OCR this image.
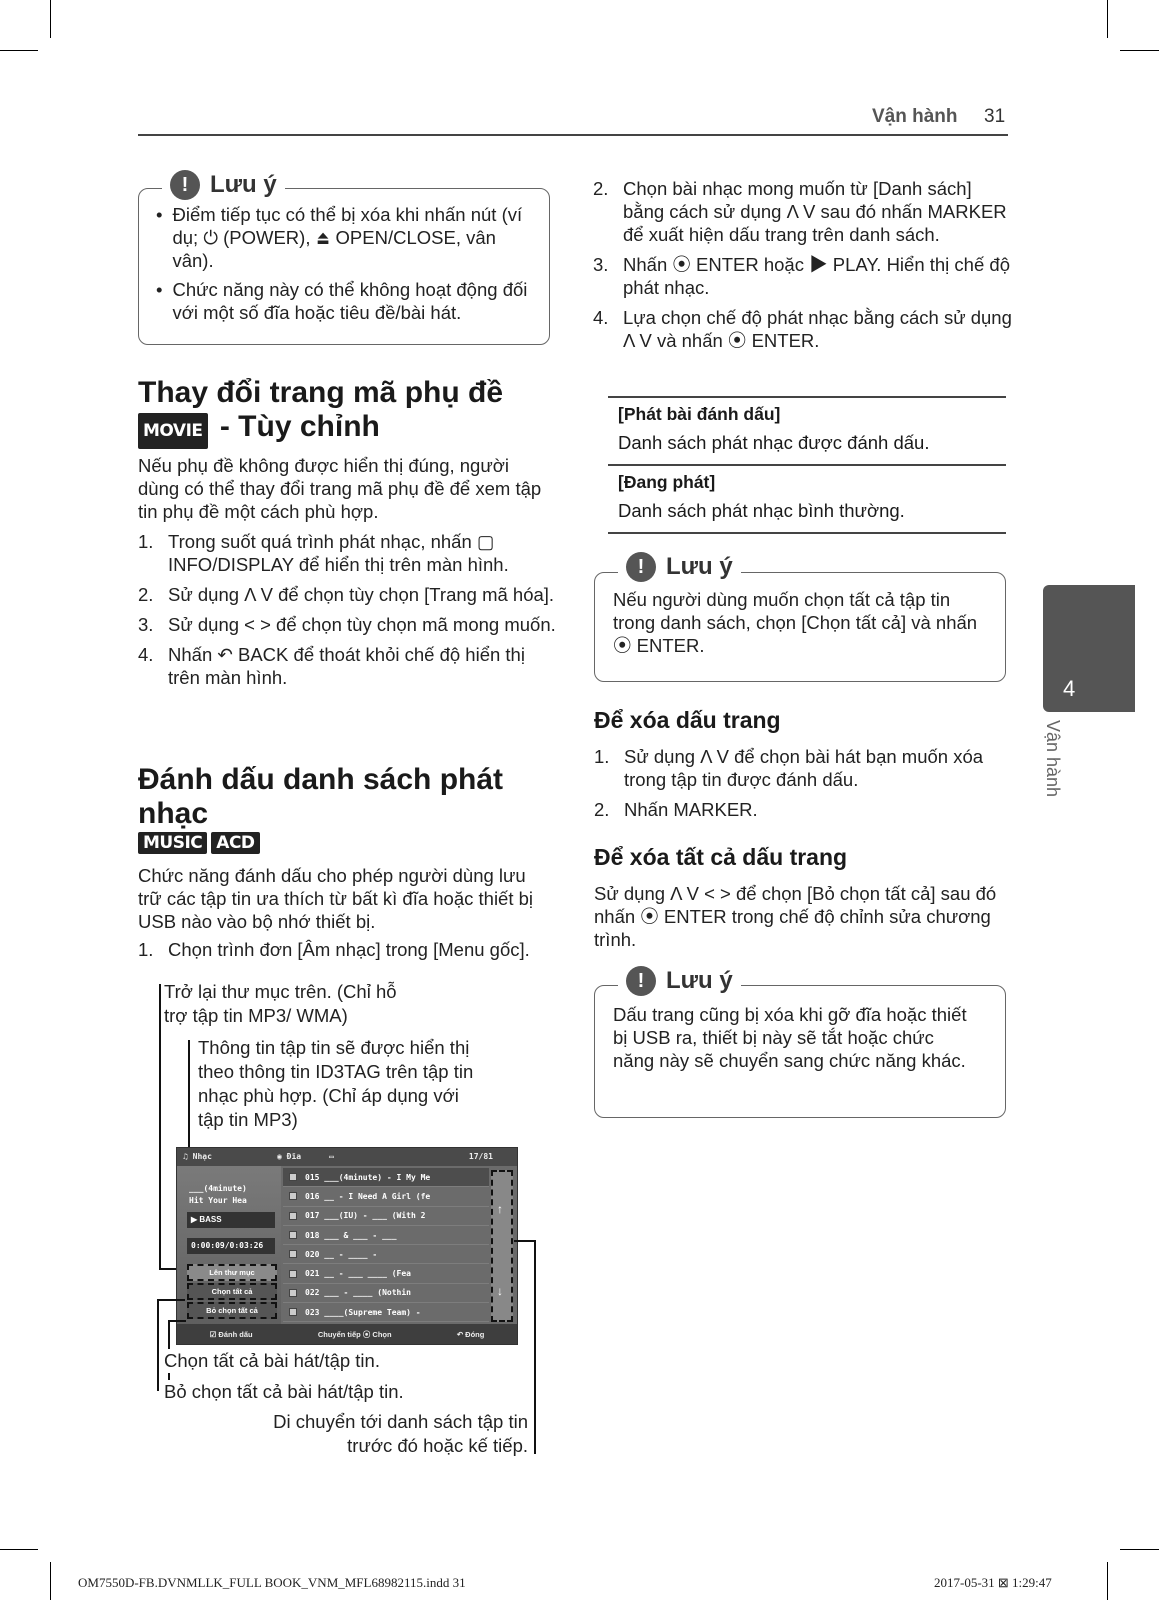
Vận hành 31
! Lưu ý
• Điểm tiếp tục có thể bị xóa khi nhấn nút (ví dụ; ⏻ (POWER), ⏏ OPEN/CLOSE, vân vân).
• Chức năng này có thể không hoạt động đối với một số đĩa hoặc tiêu đề/bài hát.
Thay đổi trang mã phụ đề
MOVIE - Tùy chỉnh
Nếu phụ đề không được hiển thị đúng, người dùng có thể thay đổi trang mã phụ đề để xem tập tin phụ đề một cách phù hợp.
1. Trong suốt quá trình phát nhạc, nhấn ▢ INFO/DISPLAY để hiển thị trên màn hình.
2. Sử dụng Λ V để chọn tùy chọn [Trang mã hóa].
3. Sử dụng < > để chọn tùy chọn mã mong muốn.
4. Nhấn ↶ BACK để thoát khỏi chế độ hiển thị trên màn hình.
Đánh dấu danh sách phát nhạc
MUSIC ACD
Chức năng đánh dấu cho phép người dùng lưu trữ các tập tin ưa thích từ bất kì đĩa hoặc thiết bị USB nào vào bộ nhớ thiết bị.
1. Chọn trình đơn [Âm nhạc] trong [Menu gốc].
Trở lại thư mục trên. (Chỉ hỗ trợ tập tin MP3/ WMA)
Thông tin tập tin sẽ được hiển thị theo thông tin ID3TAG trên tập tin nhạc phù hợp. (Chỉ áp dụng với tập tin MP3)
♫ Nhạc	◉ Đĩa	▭	17/81
___(4minute)
Hit Your Hea
▶ BASS
0:00:09/0:03:26
Lên thư mục
Chọn tất cả
Bỏ chọn tất cả
015 ___(4minute) - I My Me
016 __ - I Need A Girl (fe
017 ___(IU) - ___ (With 2
018 ___ & ___ - ___
020 __ - ____ -
021 __ - ___ ____ (Fea
022 ___ - ____ (Nothin
023 ____(Supreme Team) -
↑
↓
☑ Đánh dấu	Chuyển tiếp ⦿ Chọn	↶ Đóng
Chọn tất cả bài hát/tập tin.
Bỏ chọn tất cả bài hát/tập tin.
Di chuyển tới danh sách tập tin trước đó hoặc kế tiếp.
2. Chọn bài nhạc mong muốn từ [Danh sách] bằng cách sử dụng Λ V sau đó nhấn MARKER để xuất hiện dấu trang trên danh sách.
3. Nhấn ⦿ ENTER hoặc ▶ PLAY. Hiển thị chế độ phát nhạc.
4. Lựa chọn chế độ phát nhạc bằng cách sử dụng Λ V và nhấn ⦿ ENTER.
[Phát bài đánh dấu]
Danh sách phát nhạc được đánh dấu.
[Đang phát]
Danh sách phát nhạc bình thường.
! Lưu ý
Nếu người dùng muốn chọn tất cả tập tin trong danh sách, chọn [Chọn tất cả] và nhấn ⦿ ENTER.
Để xóa dấu trang
1. Sử dụng Λ V để chọn bài hát bạn muốn xóa trong tập tin được đánh dấu.
2. Nhấn MARKER.
Để xóa tất cả dấu trang
Sử dụng Λ V < > để chọn [Bỏ chọn tất cả] sau đó nhấn ⦿ ENTER trong chế độ chỉnh sửa chương trình.
! Lưu ý
Dấu trang cũng bị xóa khi gỡ đĩa hoặc thiết bị USB ra, thiết bị này sẽ tắt hoặc chức năng này sẽ chuyển sang chức năng khác.
4
Vận hành
OM7550D-FB.DVNMLLK_FULL BOOK_VNM_MFL68982115.indd 31	2017-05-31 ⊠ 1:29:47
